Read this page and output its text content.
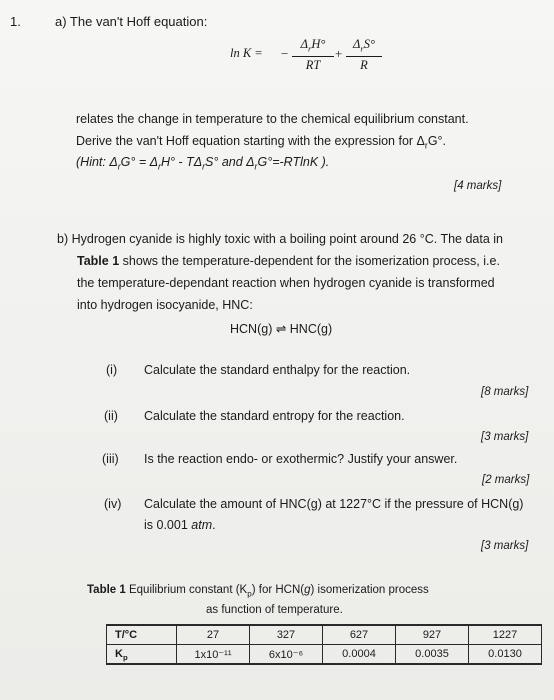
1.	a) The van't Hoff equation:
ln K = −
$\Delta_rH^\circ$
RT
+
$\Delta_rS^\circ$
R
relates the change in temperature to the chemical equilibrium constant.
Derive the van't Hoff equation starting with the expression for $\Delta_rG^\circ$.
(Hint: $\Delta_rG^\circ = \Delta_rH^\circ - T\Delta_rS^\circ$ and $\Delta_rG^\circ=$-RTlnK ).
[4 marks]
b) Hydrogen cyanide is highly toxic with a boiling point around 26 °C. The data in
Table 1 shows the temperature-dependent for the isomerization process, i.e.
the temperature-dependant reaction when hydrogen cyanide is transformed
into hydrogen isocyanide, HNC:
HCN(g) ⇌ HNC(g)
(i) Calculate the standard enthalpy for the reaction.
[8 marks]
(ii) Calculate the standard entropy for the reaction.
[3 marks]
(iii) Is the reaction endo- or exothermic? Justify your answer.
[2 marks]
(iv) Calculate the amount of HNC(g) at 1227°C if the pressure of HCN(g)
is 0.001 atm.
[3 marks]
Table 1 Equilibrium constant $(K_p)$ for HCN(g) isomerization process
as function of temperature.
T/°C	27	327	627	927	1227
$K_p$	1x10⁻¹¹	6x10⁻⁶	0.0004	0.0035	0.0130
